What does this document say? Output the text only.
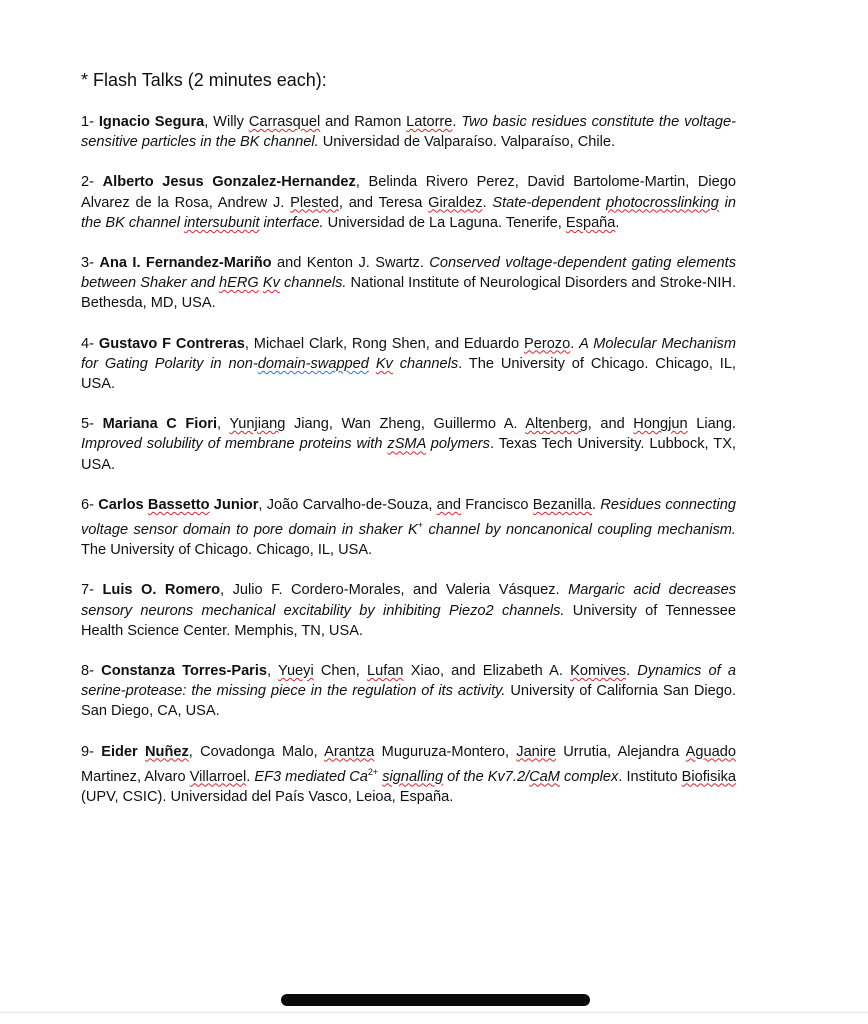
* Flash Talks (2 minutes each):

1- Ignacio Segura, Willy Carrasquel and Ramon Latorre. Two basic residues constitute the voltage-sensitive particles in the BK channel. Universidad de Valparaíso. Valparaíso, Chile.

2- Alberto Jesus Gonzalez-Hernandez, Belinda Rivero Perez, David Bartolome-Martin, Diego Alvarez de la Rosa, Andrew J. Plested, and Teresa Giraldez. State-dependent photocrosslinking in the BK channel intersubunit interface. Universidad de La Laguna. Tenerife, España.

3- Ana I. Fernandez-Mariño and Kenton J. Swartz. Conserved voltage-dependent gating elements between Shaker and hERG Kv channels. National Institute of Neurological Disorders and Stroke-NIH. Bethesda, MD, USA.

4- Gustavo F Contreras, Michael Clark, Rong Shen, and Eduardo Perozo. A Molecular Mechanism for Gating Polarity in non-domain-swapped Kv channels. The University of Chicago. Chicago, IL, USA.

5- Mariana C Fiori, Yunjiang Jiang, Wan Zheng, Guillermo A. Altenberg, and Hongjun Liang. Improved solubility of membrane proteins with zSMA polymers. Texas Tech University. Lubbock, TX, USA.

6- Carlos Bassetto Junior, João Carvalho-de-Souza, and Francisco Bezanilla. Residues connecting voltage sensor domain to pore domain in shaker K+ channel by noncanonical coupling mechanism. The University of Chicago. Chicago, IL, USA.

7- Luis O. Romero, Julio F. Cordero-Morales, and Valeria Vásquez. Margaric acid decreases sensory neurons mechanical excitability by inhibiting Piezo2 channels. University of Tennessee Health Science Center. Memphis, TN, USA.

8- Constanza Torres-Paris, Yueyi Chen, Lufan Xiao, and Elizabeth A. Komives. Dynamics of a serine-protease: the missing piece in the regulation of its activity. University of California San Diego. San Diego, CA, USA.

9- Eider Nuñez, Covadonga Malo, Arantza Muguruza-Montero, Janire Urrutia, Alejandra Aguado Martinez, Alvaro Villarroel. EF3 mediated $Ca^{2+}$ signalling of the Kv7.2/CaM complex. Instituto Biofisika (UPV, CSIC). Universidad del País Vasco, Leioa, España.
